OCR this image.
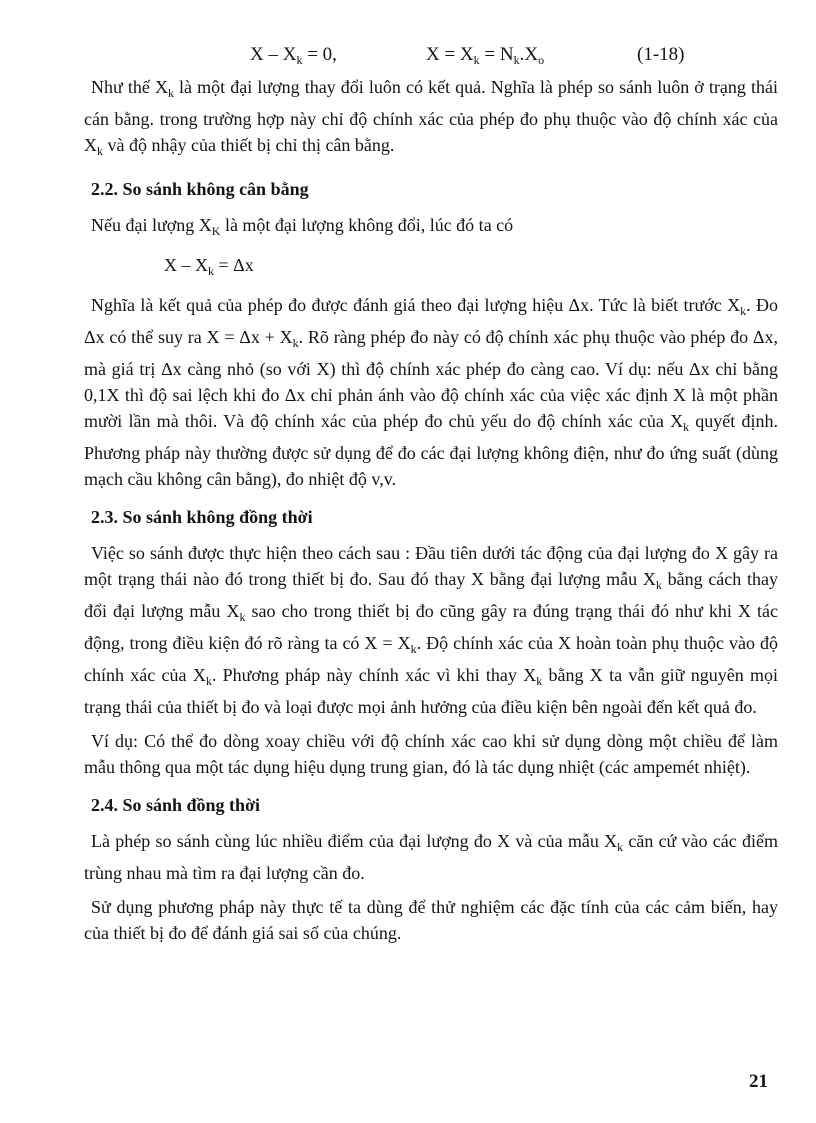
$X - X_k = 0$,	$X = X_k = N_k.X_o$	(1-18)

Như thế $X_k$ là một đại lượng thay đổi luôn có kết quả. Nghĩa là phép so sánh luôn ở trạng thái cán bằng. trong trường hợp này chỉ độ chính xác của phép đo phụ thuộc vào độ chính xác của $X_k$ và độ nhậy của thiết bị chỉ thị cân bằng.

2.2. So sánh không cân bằng

Nếu đại lượng $X_K$ là một đại lượng không đổi, lúc đó ta có

$X - X_k = \Delta x$

Nghĩa là kết quả của phép đo được đánh giá theo đại lượng hiệu Δx. Tức là biết trước $X_k$. Đo Δx có thể suy ra $X = \Delta x + X_k$. Rõ ràng phép đo này có độ chính xác phụ thuộc vào phép đo Δx, mà giá trị Δx càng nhỏ (so với X) thì độ chính xác phép đo càng cao. Ví dụ: nếu Δx chỉ bằng 0,1X thì độ sai lệch khi đo Δx chỉ phản ánh vào độ chính xác của việc xác định X là một phần mười lần mà thôi. Và độ chính xác của phép đo chủ yếu do độ chính xác của $X_k$ quyết định. Phương pháp này thường được sử dụng để đo các đại lượng không điện, như đo ứng suất (dùng mạch cầu không cân bằng), đo nhiệt độ v,v.

2.3. So sánh không đồng thời

Việc so sánh được thực hiện theo cách sau : Đầu tiên dưới tác động của đại lượng đo X gây ra một trạng thái nào đó trong thiết bị đo. Sau đó thay X bằng đại lượng mẫu $X_k$ bằng cách thay đổi đại lượng mẫu $X_k$ sao cho trong thiết bị đo cũng gây ra đúng trạng thái đó như khi X tác động, trong điều kiện đó rõ ràng ta có $X = X_k$. Độ chính xác của X hoàn toàn phụ thuộc vào độ chính xác của $X_k$. Phương pháp này chính xác vì khi thay $X_k$ bằng X ta vẫn giữ nguyên mọi trạng thái của thiết bị đo và loại được mọi ảnh hưởng của điều kiện bên ngoài đến kết quả đo.

Ví dụ: Có thể đo dòng xoay chiều với độ chính xác cao khi sử dụng dòng một chiều để làm mẫu thông qua một tác dụng hiệu dụng trung gian, đó là tác dụng nhiệt (các ampemét nhiệt).

2.4. So sánh đồng thời

Là phép so sánh cùng lúc nhiều điểm của đại lượng đo X và của mẫu $X_k$ căn cứ vào các điểm trùng nhau mà tìm ra đại lượng cần đo.

Sử dụng phương pháp này thực tế ta dùng để thử nghiệm các đặc tính của các cảm biến, hay của thiết bị đo để đánh giá sai số của chúng.

21
